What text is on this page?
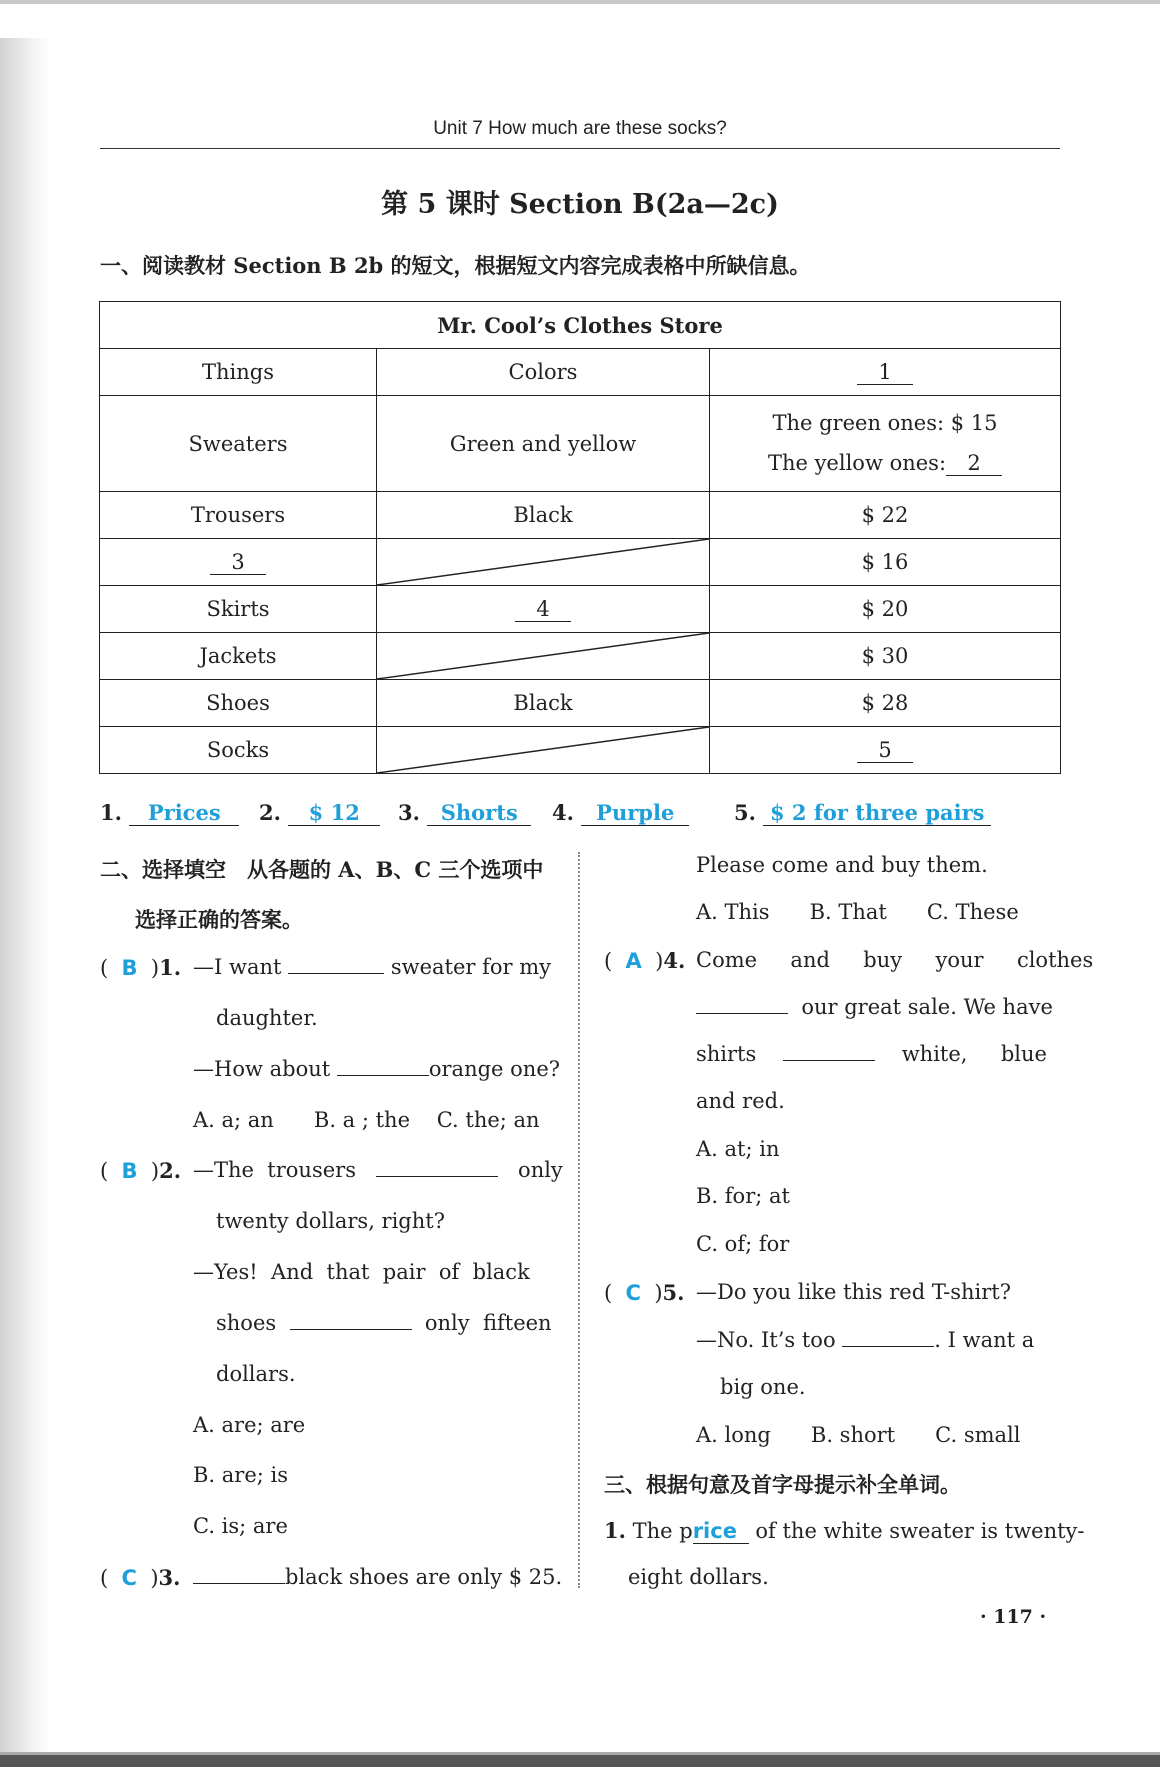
Unit 7 How much are these socks?
第 5 课时 Section B(2a—2c)
一、阅读教材 Section B 2b 的短文，根据短文内容完成表格中所缺信息。
Mr. Cool’s Clothes Store		
Things	Colors	1
Sweaters	Green and yellow	The green ones: $ 15
The yellow ones: 2

Trousers	Black	$ 22
3		$ 16
Skirts	4	$ 20
Jackets		$ 30
Shoes	Black	$ 28
Socks		5
1. Prices	2. $ 12	3. Shorts	4. Purple	5. $ 2 for three pairs
二、选择填空　从各题的 A、B、C 三个选项中
选择正确的答案。
(  B  )1. —I want	sweater for my
daughter.
—How about	orange one?
A. a; an      B. a ; the    C. the; an
(  B  )2. —The  trousers	only
twenty dollars, right?
—Yes!  And  that  pair  of  black
shoes	only  fifteen
dollars.
A. are; are
B. are; is
C. is; are
(  C  )3.	black shoes are only $ 25.
Please come and buy them.
A. This      B. That      C. These
(  A  )4. Come     and     buy     your     clothes
our great sale. We have
shirts	white,     blue
and red.
A. at; in
B. for; at
C. of; for
(  C  )5. —Do you like this red T-shirt?
—No. It’s too	. I want a
big one.
A. long      B. short      C. small
三、根据句意及首字母提示补全单词。
1. The price of the white sweater is twenty-
eight dollars.
· 117 ·
